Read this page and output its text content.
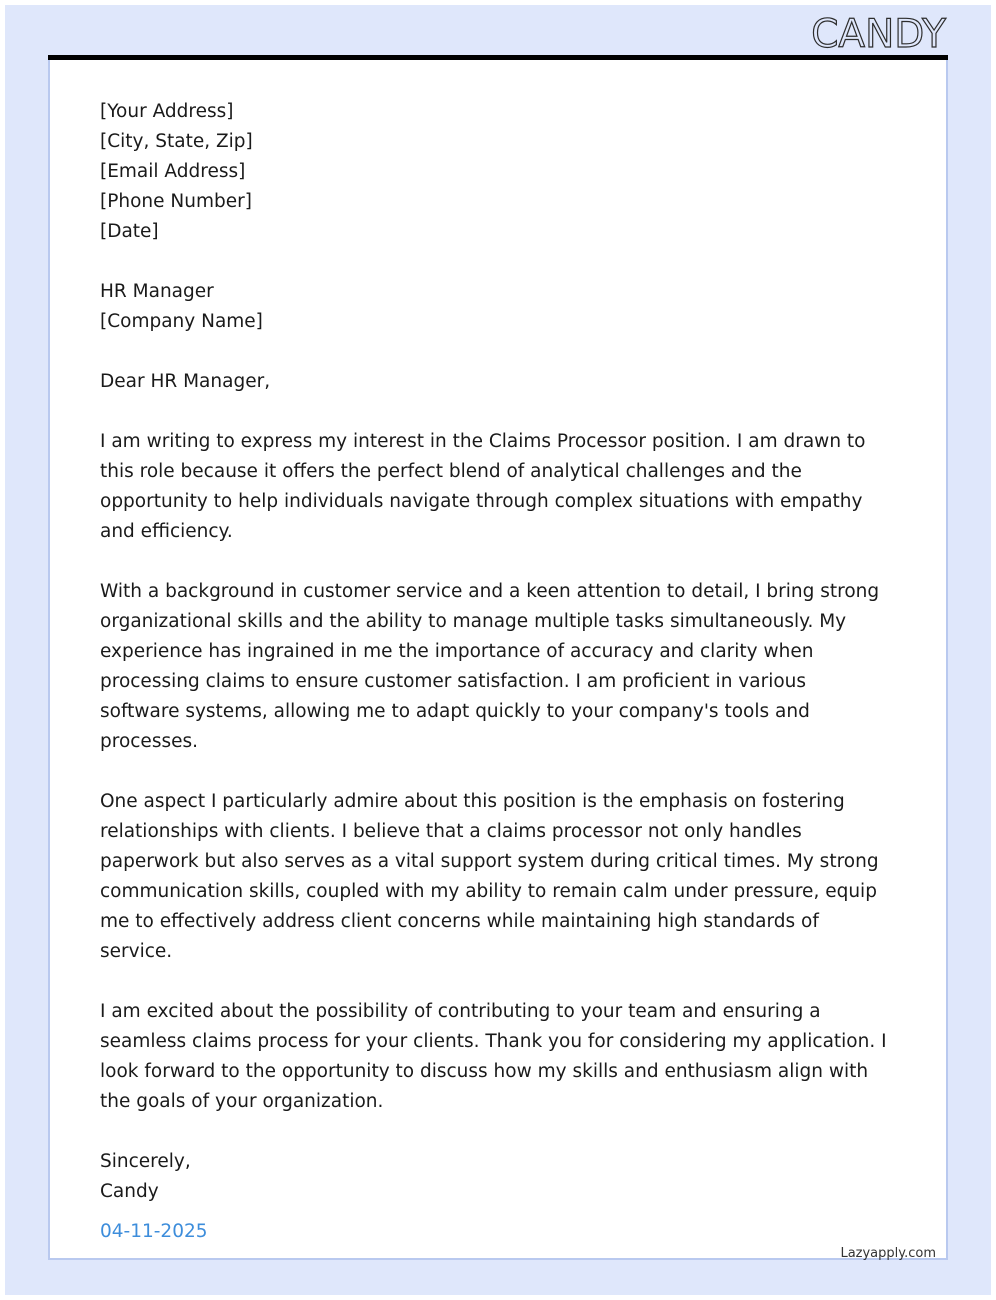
CANDY

[Your Address]

[City, State, Zip]

[Email Address]

[Phone Number]

[Date]

HR Manager

[Company Name]

Dear HR Manager,

I am writing to express my interest in the Claims Processor position. I am drawn to this role because it offers the perfect blend of analytical challenges and the opportunity to help individuals navigate through complex situations with empathy and efficiency.

With a background in customer service and a keen attention to detail, I bring strong organizational skills and the ability to manage multiple tasks simultaneously. My experience has ingrained in me the importance of accuracy and clarity when processing claims to ensure customer satisfaction. I am proficient in various software systems, allowing me to adapt quickly to your company's tools and processes.

One aspect I particularly admire about this position is the emphasis on fostering relationships with clients. I believe that a claims processor not only handles paperwork but also serves as a vital support system during critical times. My strong communication skills, coupled with my ability to remain calm under pressure, equip me to effectively address client concerns while maintaining high standards of service.

I am excited about the possibility of contributing to your team and ensuring a seamless claims process for your clients. Thank you for considering my application. I look forward to the opportunity to discuss how my skills and enthusiasm align with the goals of your organization.

Sincerely,

Candy

04-11-2025

Lazyapply.com
